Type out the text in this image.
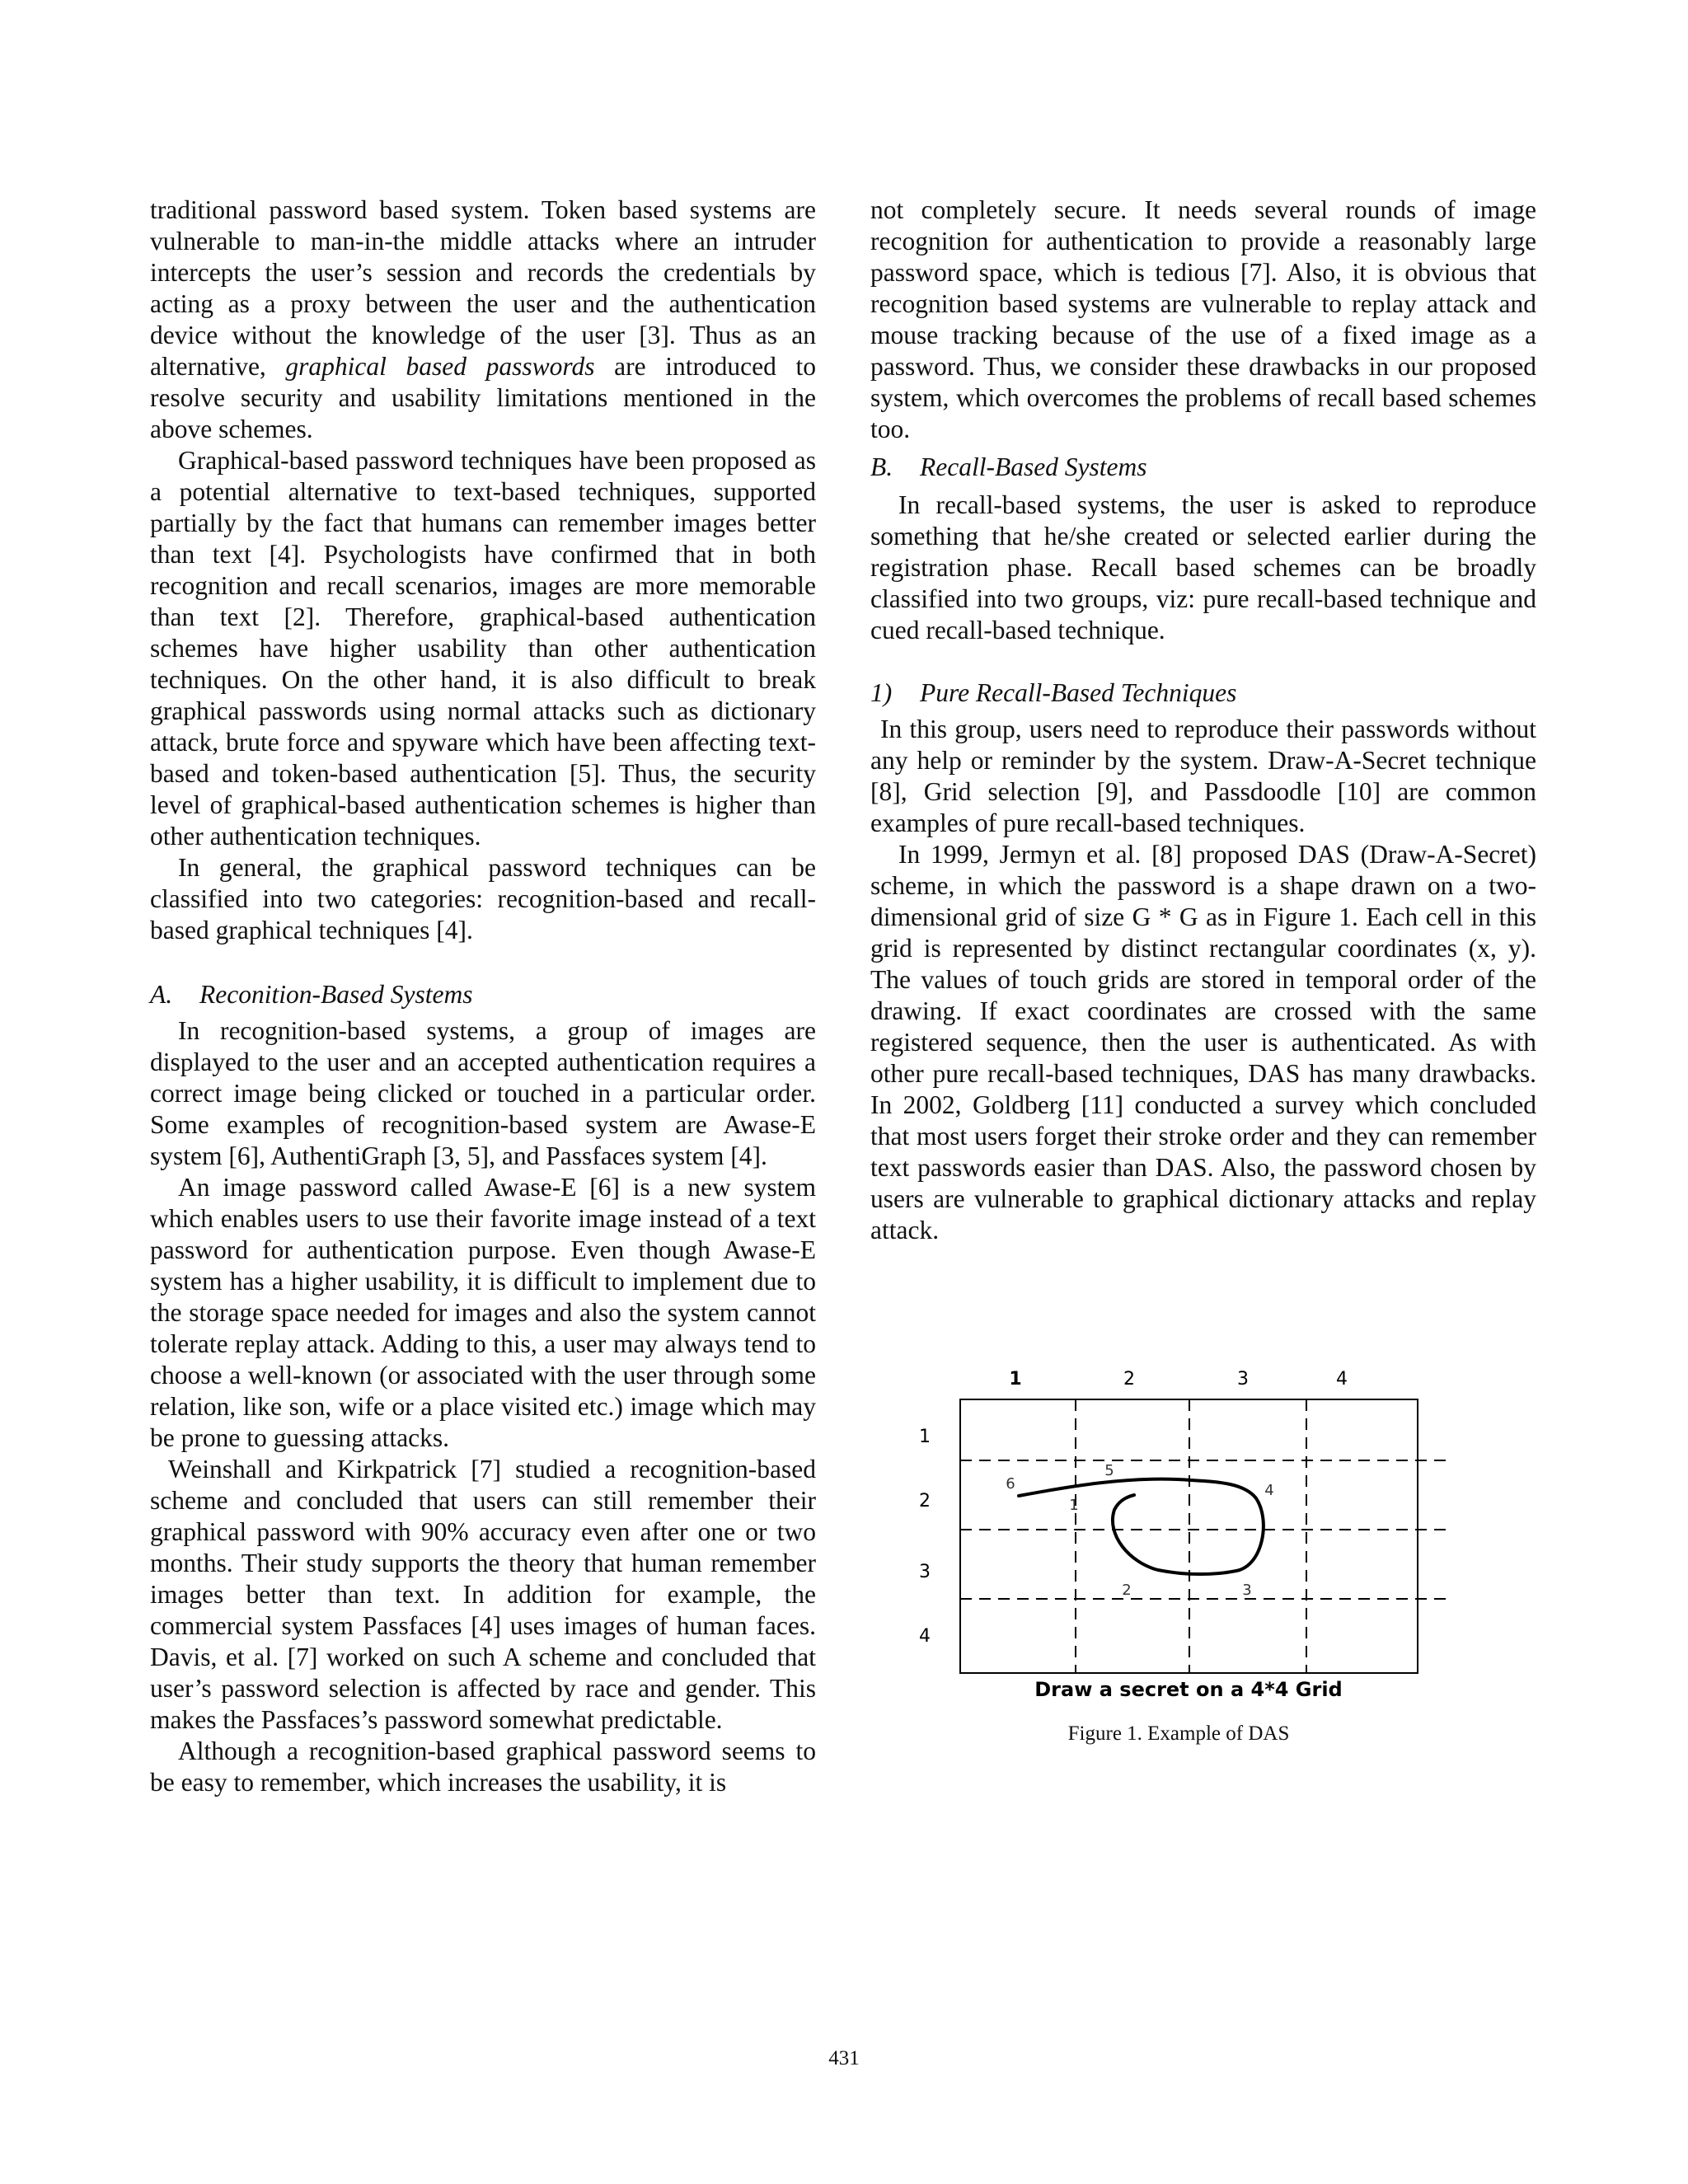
traditional password based system. Token based systems are vulnerable to man-in-the middle attacks where an intruder intercepts the user’s session and records the credentials by acting as a proxy between the user and the authentication device without the knowledge of the user [3]. Thus as an alternative, graphical based passwords are introduced to resolve security and usability limitations mentioned in the above schemes.

Graphical-based password techniques have been proposed as a potential alternative to text-based techniques, supported partially by the fact that humans can remember images better than text [4]. Psychologists have confirmed that in both recognition and recall scenarios, images are more memorable than text [2]. Therefore, graphical-based authentication schemes have higher usability than other authentication techniques. On the other hand, it is also difficult to break graphical passwords using normal attacks such as dictionary attack, brute force and spyware which have been affecting text-based and token-based authentication [5]. Thus, the security level of graphical-based authentication schemes is higher than other authentication techniques.

In general, the graphical password techniques can be classified into two categories: recognition-based and recall-based graphical techniques [4].

A. Reconition-Based Systems

In recognition-based systems, a group of images are displayed to the user and an accepted authentication requires a correct image being clicked or touched in a particular order. Some examples of recognition-based system are Awase-E system [6], AuthentiGraph [3, 5], and Passfaces system [4].

An image password called Awase-E [6] is a new system which enables users to use their favorite image instead of a text password for authentication purpose. Even though Awase-E system has a higher usability, it is difficult to implement due to the storage space needed for images and also the system cannot tolerate replay attack. Adding to this, a user may always tend to choose a well-known (or associated with the user through some relation, like son, wife or a place visited etc.) image which may be prone to guessing attacks.

Weinshall and Kirkpatrick [7] studied a recognition-based scheme and concluded that users can still remember their graphical password with 90% accuracy even after one or two months. Their study supports the theory that human remember images better than text. In addition for example, the commercial system Passfaces [4] uses images of human faces. Davis, et al. [7] worked on such A scheme and concluded that user’s password selection is affected by race and gender. This makes the Passfaces’s password somewhat predictable.

Although a recognition-based graphical password seems to be easy to remember, which increases the usability, it is

not completely secure. It needs several rounds of image recognition for authentication to provide a reasonably large password space, which is tedious [7]. Also, it is obvious that recognition based systems are vulnerable to replay attack and mouse tracking because of the use of a fixed image as a password. Thus, we consider these drawbacks in our proposed system, which overcomes the problems of recall based schemes too.

B. Recall-Based Systems

In recall-based systems, the user is asked to reproduce something that he/she created or selected earlier during the registration phase. Recall based schemes can be broadly classified into two groups, viz: pure recall-based technique and cued recall-based technique.

1) Pure Recall-Based Techniques

In this group, users need to reproduce their passwords without any help or reminder by the system. Draw-A-Secret technique [8], Grid selection [9], and Passdoodle [10] are common examples of pure recall-based techniques.

In 1999, Jermyn et al. [8] proposed DAS (Draw-A-Secret) scheme, in which the password is a shape drawn on a two-dimensional grid of size G * G as in Figure 1. Each cell in this grid is represented by distinct rectangular coordinates (x, y). The values of touch grids are stored in temporal order of the drawing. If exact coordinates are crossed with the same registered sequence, then the user is authenticated. As with other pure recall-based techniques, DAS has many drawbacks. In 2002, Goldberg [11] conducted a survey which concluded that most users forget their stroke order and they can remember text passwords easier than DAS. Also, the password chosen by users are vulnerable to graphical dictionary attacks and replay attack.

1	2	3	4
1
2
3
4
1
2	3
4
5
6
Draw a secret on a 4*4 Grid
Figure 1. Example of DAS
431
